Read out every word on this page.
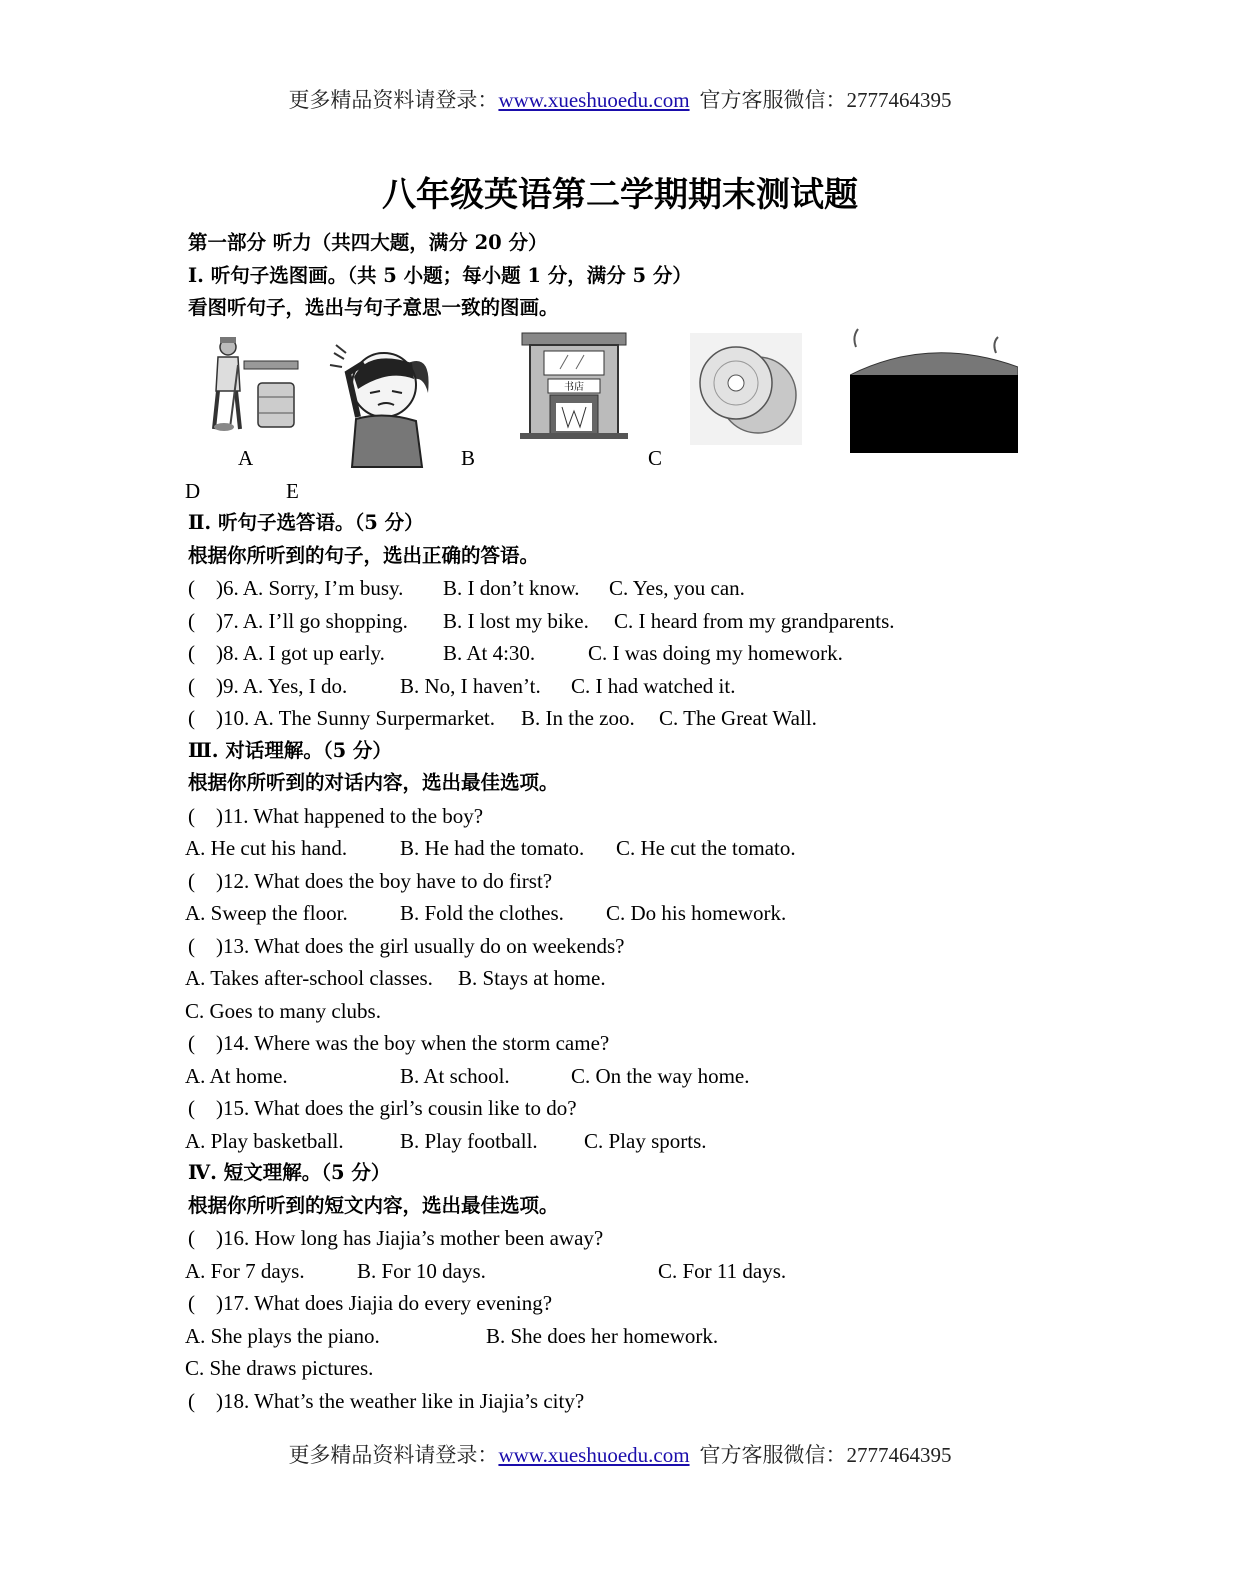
更多精品资料请登录：www.xueshuoedu.com 官方客服微信：2777464395
八年级英语第二学期期末测试题
第一部分 听力（共四大题，满分 20 分）
Ⅰ. 听句子选图画。（共 5 小题；每小题 1 分，满分 5 分）
看图听句子，选出与句子意思一致的图画。
书店
A	B	C
D	E
Ⅱ. 听句子选答语。（5 分）
根据你所听到的句子，选出正确的答语。
( )6. A. Sorry, I’m busy. B. I don’t know. C. Yes, you can.
( )7. A. I’ll go shopping. B. I lost my bike. C. I heard from my grandparents.
( )8. A. I got up early.	B. At 4:30.	C. I was doing my homework.
( )9. A. Yes, I do.	B. No, I haven’t. C. I had watched it.
( )10. A. The Sunny Surpermarket. B. In the zoo. C. The Great Wall.
Ⅲ. 对话理解。（5 分）
根据你所听到的对话内容，选出最佳选项。
( )11. What happened to the boy?
A. He cut his hand.	B. He had the tomato. C. He cut the tomato.
( )12. What does the boy have to do first?
A. Sweep the floor. B. Fold the clothes. C. Do his homework.
( )13. What does the girl usually do on weekends?
A. Takes after-school classes. B. Stays at home.
C. Goes to many clubs.
( )14. Where was the boy when the storm came?
A. At home.	B. At school.	C. On the way home.
( )15. What does the girl’s cousin like to do?
A. Play basketball.	B. Play football. C. Play sports.
Ⅳ. 短文理解。（5 分）
根据你所听到的短文内容，选出最佳选项。
( )16. How long has Jiajia’s mother been away?
A. For 7 days. B. For 10 days.	C. For 11 days.
( )17. What does Jiajia do every evening?
A. She plays the piano.	B. She does her homework.
C. She draws pictures.
( )18. What’s the weather like in Jiajia’s city?
更多精品资料请登录：www.xueshuoedu.com 官方客服微信：2777464395
